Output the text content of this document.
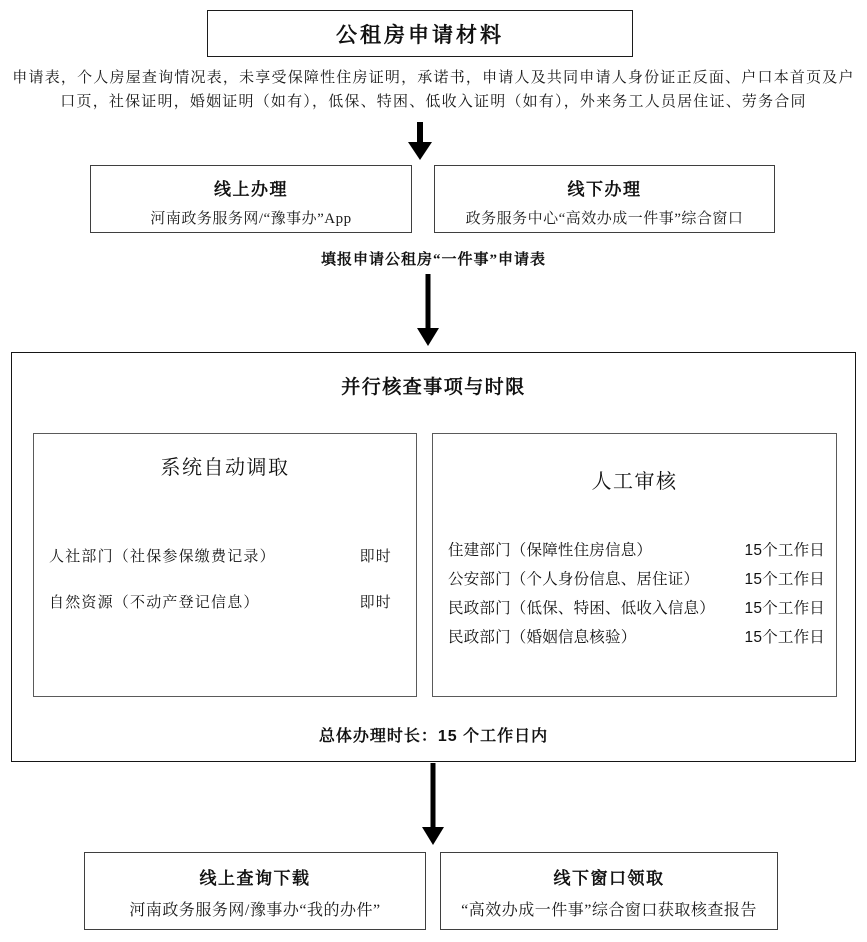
公租房申请材料
申请表，个人房屋查询情况表，未享受保障性住房证明，承诺书，申请人及共同申请人身份证正反面、户口本首页及户口页，社保证明，婚姻证明（如有），低保、特困、低收入证明（如有），外来务工人员居住证、劳务合同
线上办理
河南政务服务网/“豫事办”App
线下办理
政务服务中心“高效办成一件事”综合窗口
填报申请公租房“一件事”申请表
并行核查事项与时限
系统自动调取
人社部门（社保参保缴费记录）	即时
自然资源（不动产登记信息）	即时
人工审核
住建部门（保障性住房信息）	15个工作日
公安部门（个人身份信息、居住证）	15个工作日
民政部门（低保、特困、低收入信息） 15个工作日
民政部门（婚姻信息核验）	15个工作日
总体办理时长：15 个工作日内
线上查询下载
河南政务服务网/豫事办“我的办件”
线下窗口领取
“高效办成一件事”综合窗口获取核查报告
